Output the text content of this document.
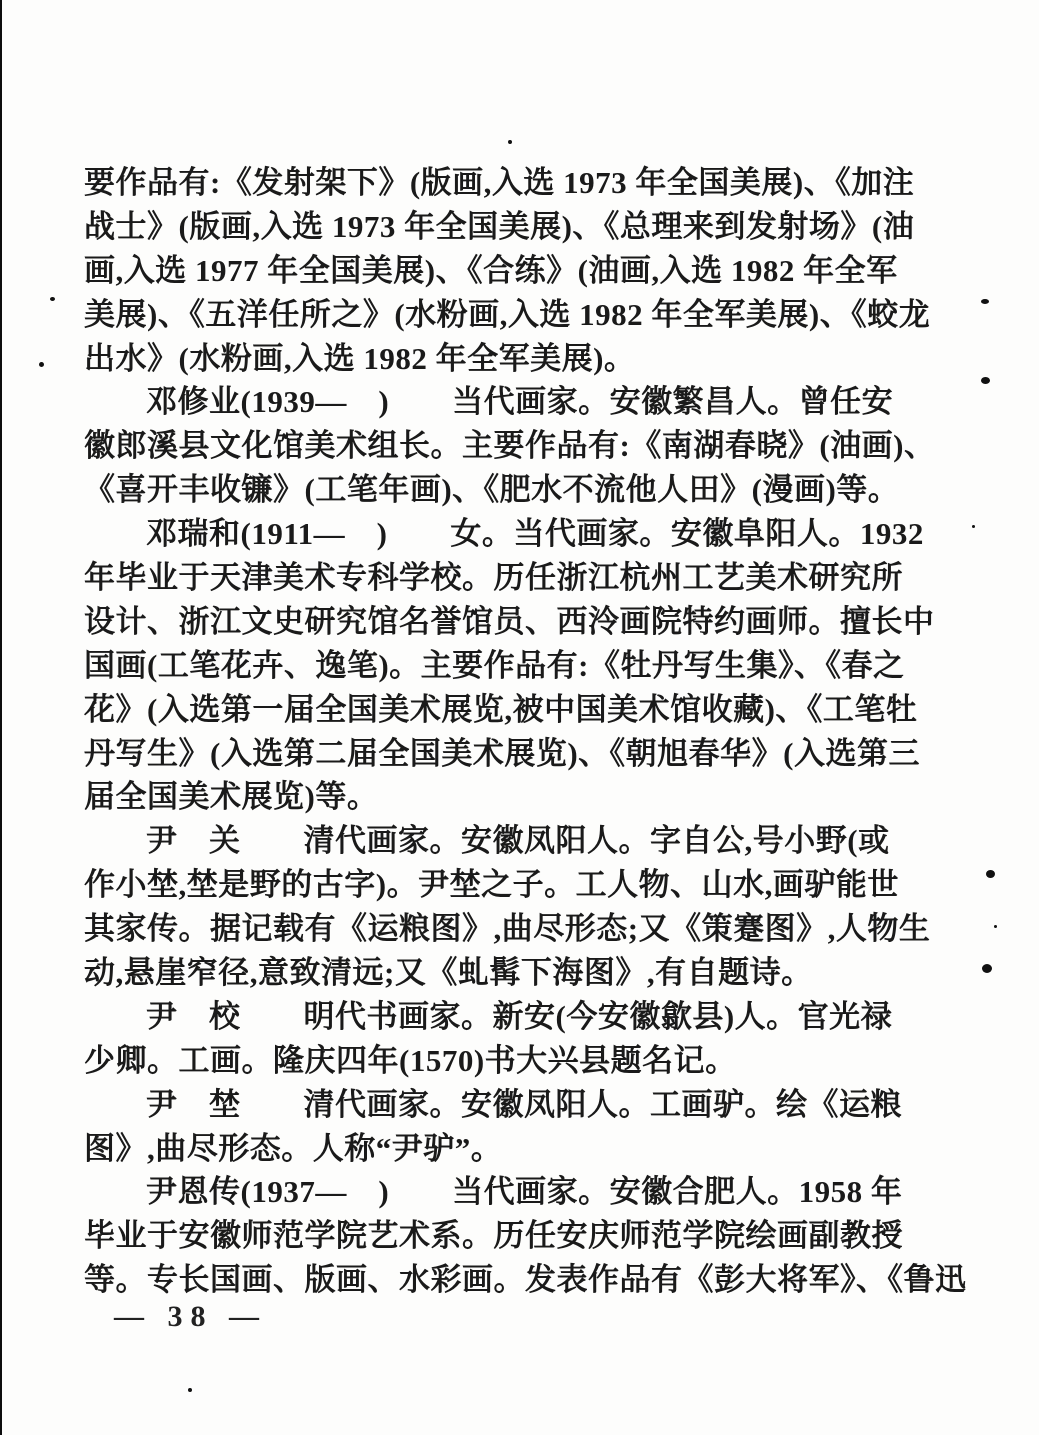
要作品有:《发射架下》(版画,入选 1973 年全国美展)、《加注
战士》(版画,入选 1973 年全国美展)、《总理来到发射场》(油
画,入选 1977 年全国美展)、《合练》(油画,入选 1982 年全军
美展)、《五洋任所之》(水粉画,入选 1982 年全军美展)、《蛟龙
出水》(水粉画,入选 1982 年全军美展)。
邓修业(1939—　)　　当代画家。安徽繁昌人。曾任安
徽郎溪县文化馆美术组长。主要作品有:《南湖春晓》(油画)、
《喜开丰收镰》(工笔年画)、《肥水不流他人田》(漫画)等。
邓瑞和(1911—　)　　女。当代画家。安徽阜阳人。1932
年毕业于天津美术专科学校。历任浙江杭州工艺美术研究所
设计、浙江文史研究馆名誉馆员、西泠画院特约画师。擅长中
国画(工笔花卉、逸笔)。主要作品有:《牡丹写生集》、《春之
花》(入选第一届全国美术展览,被中国美术馆收藏)、《工笔牡
丹写生》(入选第二届全国美术展览)、《朝旭春华》(入选第三
届全国美术展览)等。
尹　关　　清代画家。安徽凤阳人。字自公,号小野(或
作小埜,埜是野的古字)。尹埜之子。工人物、山水,画驴能世
其家传。据记载有《运粮图》,曲尽形态;又《策蹇图》,人物生
动,悬崖窄径,意致清远;又《虬髯下海图》,有自题诗。
尹　校　　明代书画家。新安(今安徽歙县)人。官光禄
少卿。工画。隆庆四年(1570)书大兴县题名记。
尹　埜　　清代画家。安徽凤阳人。工画驴。绘《运粮
图》,曲尽形态。人称“尹驴”。
尹恩传(1937—　)　　当代画家。安徽合肥人。1958 年
毕业于安徽师范学院艺术系。历任安庆师范学院绘画副教授
等。专长国画、版画、水彩画。发表作品有《彭大将军》、《鲁迅
— 38 —
